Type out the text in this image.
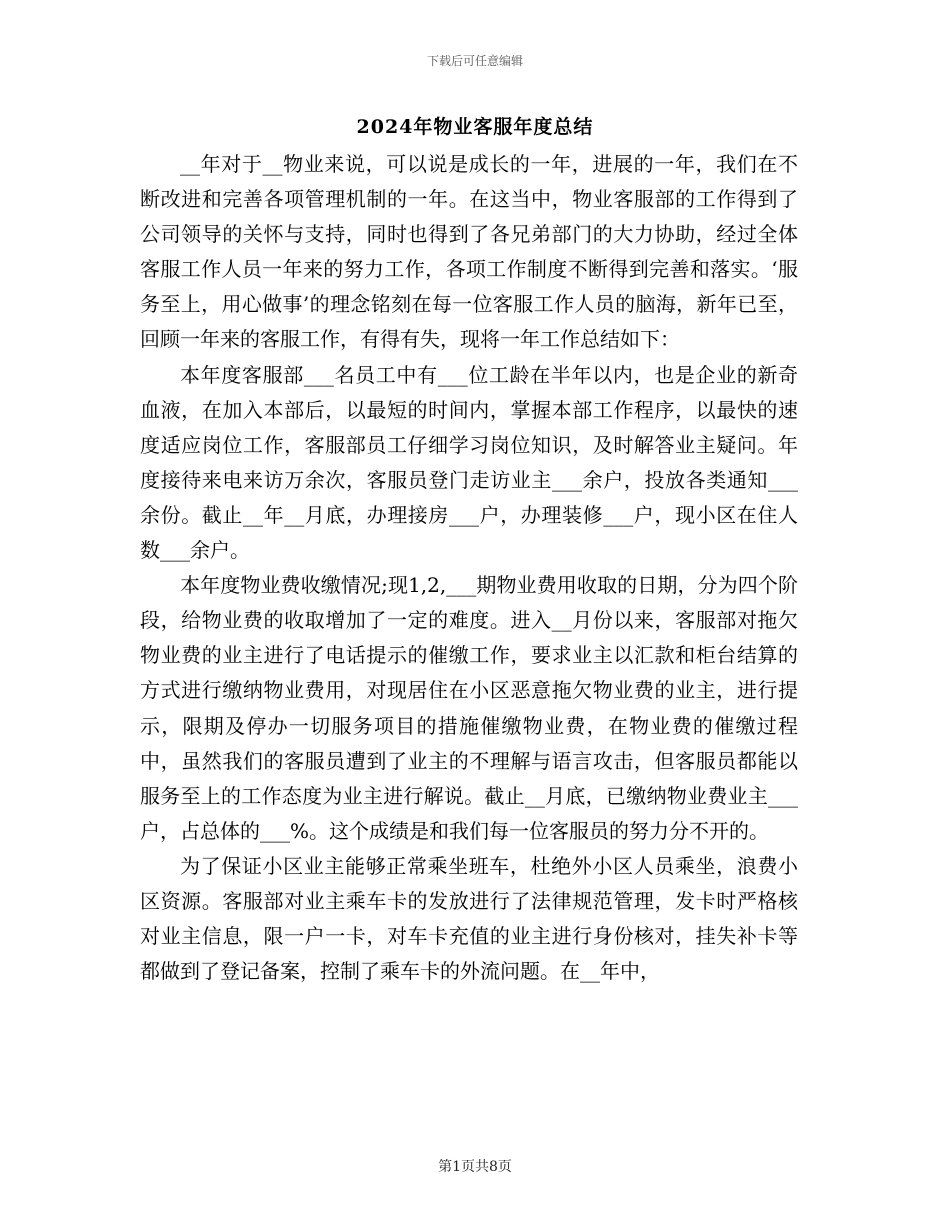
下载后可任意编辑
2024年物业客服年度总结

__年对于__物业来说，可以说是成长的一年，进展的一年，我们在不断改进和完善各项管理机制的一年。在这当中，物业客服部的工作得到了公司领导的关怀与支持，同时也得到了各兄弟部门的大力协助，经过全体客服工作人员一年来的努力工作，各项工作制度不断得到完善和落实。‘服务至上，用心做事’的理念铭刻在每一位客服工作人员的脑海，新年已至，回顾一年来的客服工作，有得有失，现将一年工作总结如下：

本年度客服部___名员工中有___位工龄在半年以内，也是企业的新奇血液，在加入本部后，以最短的时间内，掌握本部工作程序，以最快的速度适应岗位工作，客服部员工仔细学习岗位知识，及时解答业主疑问。年度接待来电来访万余次，客服员登门走访业主___余户，投放各类通知___余份。截止__年__月底，办理接房___户，办理装修___户，现小区在住人数___余户。

本年度物业费收缴情况;现1,2,___期物业费用收取的日期，分为四个阶段，给物业费的收取增加了一定的难度。进入__月份以来，客服部对拖欠物业费的业主进行了电话提示的催缴工作，要求业主以汇款和柜台结算的方式进行缴纳物业费用，对现居住在小区恶意拖欠物业费的业主，进行提示，限期及停办一切服务项目的措施催缴物业费，在物业费的催缴过程中，虽然我们的客服员遭到了业主的不理解与语言攻击，但客服员都能以服务至上的工作态度为业主进行解说。截止__月底，已缴纳物业费业主___户，占总体的___%。这个成绩是和我们每一位客服员的努力分不开的。

为了保证小区业主能够正常乘坐班车，杜绝外小区人员乘坐，浪费小区资源。客服部对业主乘车卡的发放进行了法律规范管理，发卡时严格核对业主信息，限一户一卡，对车卡充值的业主进行身份核对，挂失补卡等都做到了登记备案，控制了乘车卡的外流问题。在__年中，

第1页共8页
